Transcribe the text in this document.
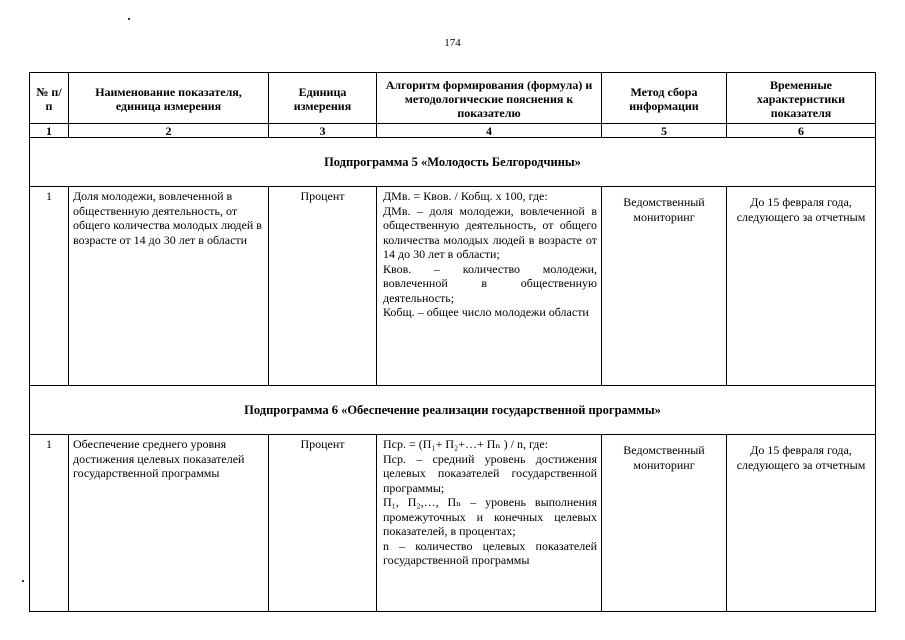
174
№ п/п	Наименование показателя, единица измерения	Единица измерения	Алгоритм формирования (формула) и методологические пояснения к показателю	Метод сбора информации	Временные характеристики показателя
1	2	3	4	5	6
Подпрограмма 5 «Молодость Белгородчины»					
1	Доля молодежи, вовлеченной в общественную деятельность, от общего количества молодых людей в возрасте от 14 до 30 лет в области	Процент	ДМв. = Квов. / Кобщ. х 100, где:
ДМв. – доля молодежи, вовлеченной в общественную деятельность, от общего количества молодых людей в возрасте от 14 до 30 лет в области;
Квов. – количество молодежи, вовлеченной в общественную деятельность;
Кобщ. – общее число молодежи области	Ведомственный мониторинг	До 15 февраля года, следующего за отчетным
Подпрограмма 6 «Обеспечение реализации государственной программы»					
1	Обеспечение среднего уровня достижения целевых показателей государственной программы	Процент	Пср. = (П₁+ П₂+…+ Пₙ ) / n, где:
Пср. – средний уровень достижения целевых показателей государственной программы;
П₁, П₂,…, Пₙ – уровень выполнения промежуточных и конечных целевых показателей, в процентах;
n – количество целевых показателей государственной программы	Ведомственный мониторинг	До 15 февраля года, следующего за отчетным
